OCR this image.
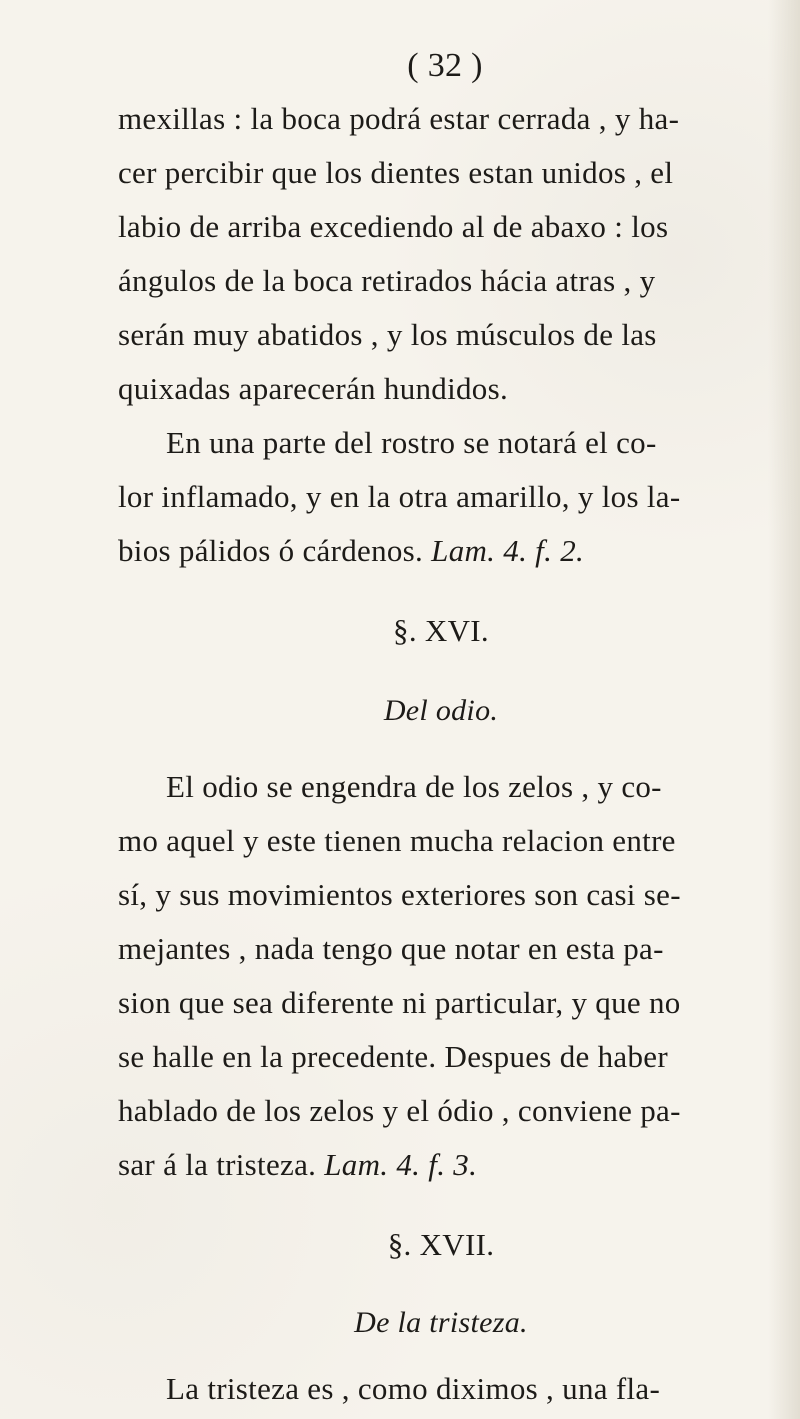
( 32 )
mexillas : la boca podrá estar cerrada , y ha-
cer percibir que los dientes estan unidos , el
labio de arriba excediendo al de abaxo : los
ángulos de la boca retirados hácia atras , y
serán muy abatidos , y los músculos de las
quixadas aparecerán hundidos.
En una parte del rostro se notará el co-
lor inflamado, y en la otra amarillo, y los la-
bios pálidos ó cárdenos. Lam. 4. f. 2.
§. XVI.
Del odio.
El odio se engendra de los zelos , y co-
mo aquel y este tienen mucha relacion entre
sí, y sus movimientos exteriores son casi se-
mejantes , nada tengo que notar en esta pa-
sion que sea diferente ni particular, y que no
se halle en la precedente. Despues de haber
hablado de los zelos y el ódio , conviene pa-
sar á la tristeza. Lam. 4. f. 3.
§. XVII.
De la tristeza.
La tristeza es , como diximos , una fla-
